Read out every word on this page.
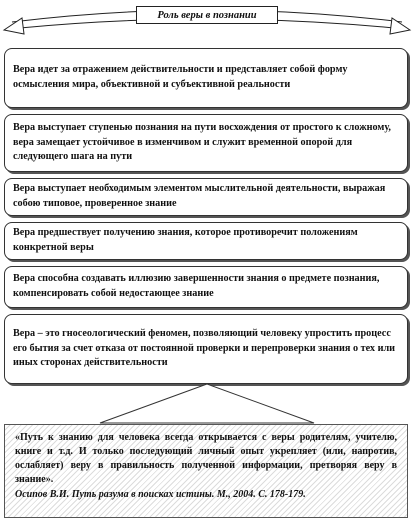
Роль веры в познании
Вера идет за отражением действительности и представляет собой форму осмысления мира, объективной и субъективной реальности
Вера выступает ступенью познания на пути восхождения от простого к сложному, вера замещает устойчивое в изменчивом и служит временной опорой для следующего шага на пути
Вера выступает необходимым элементом мыслительной деятельности, выражая собою типовое, проверенное знание
Вера предшествует получению знания, которое противоречит положениям конкретной веры
Вера способна создавать иллюзию завершенности знания о предмете познания, компенсировать собой недостающее знание
Вера – это гносеологический феномен, позволяющий человеку упростить процесс его бытия за счет отказа от постоянной проверки и перепроверки знания о тех или иных сторонах действительности
«Путь к знанию для человека всегда открывается с веры родителям, учителю, книге и т.д. И только последующий личный опыт укрепляет (или, напротив, ослабляет) веру в правильность полученной информации, претворяя веру в знание».
Осипов В.И. Путь разума в поисках истины. М., 2004. С. 178-179.
